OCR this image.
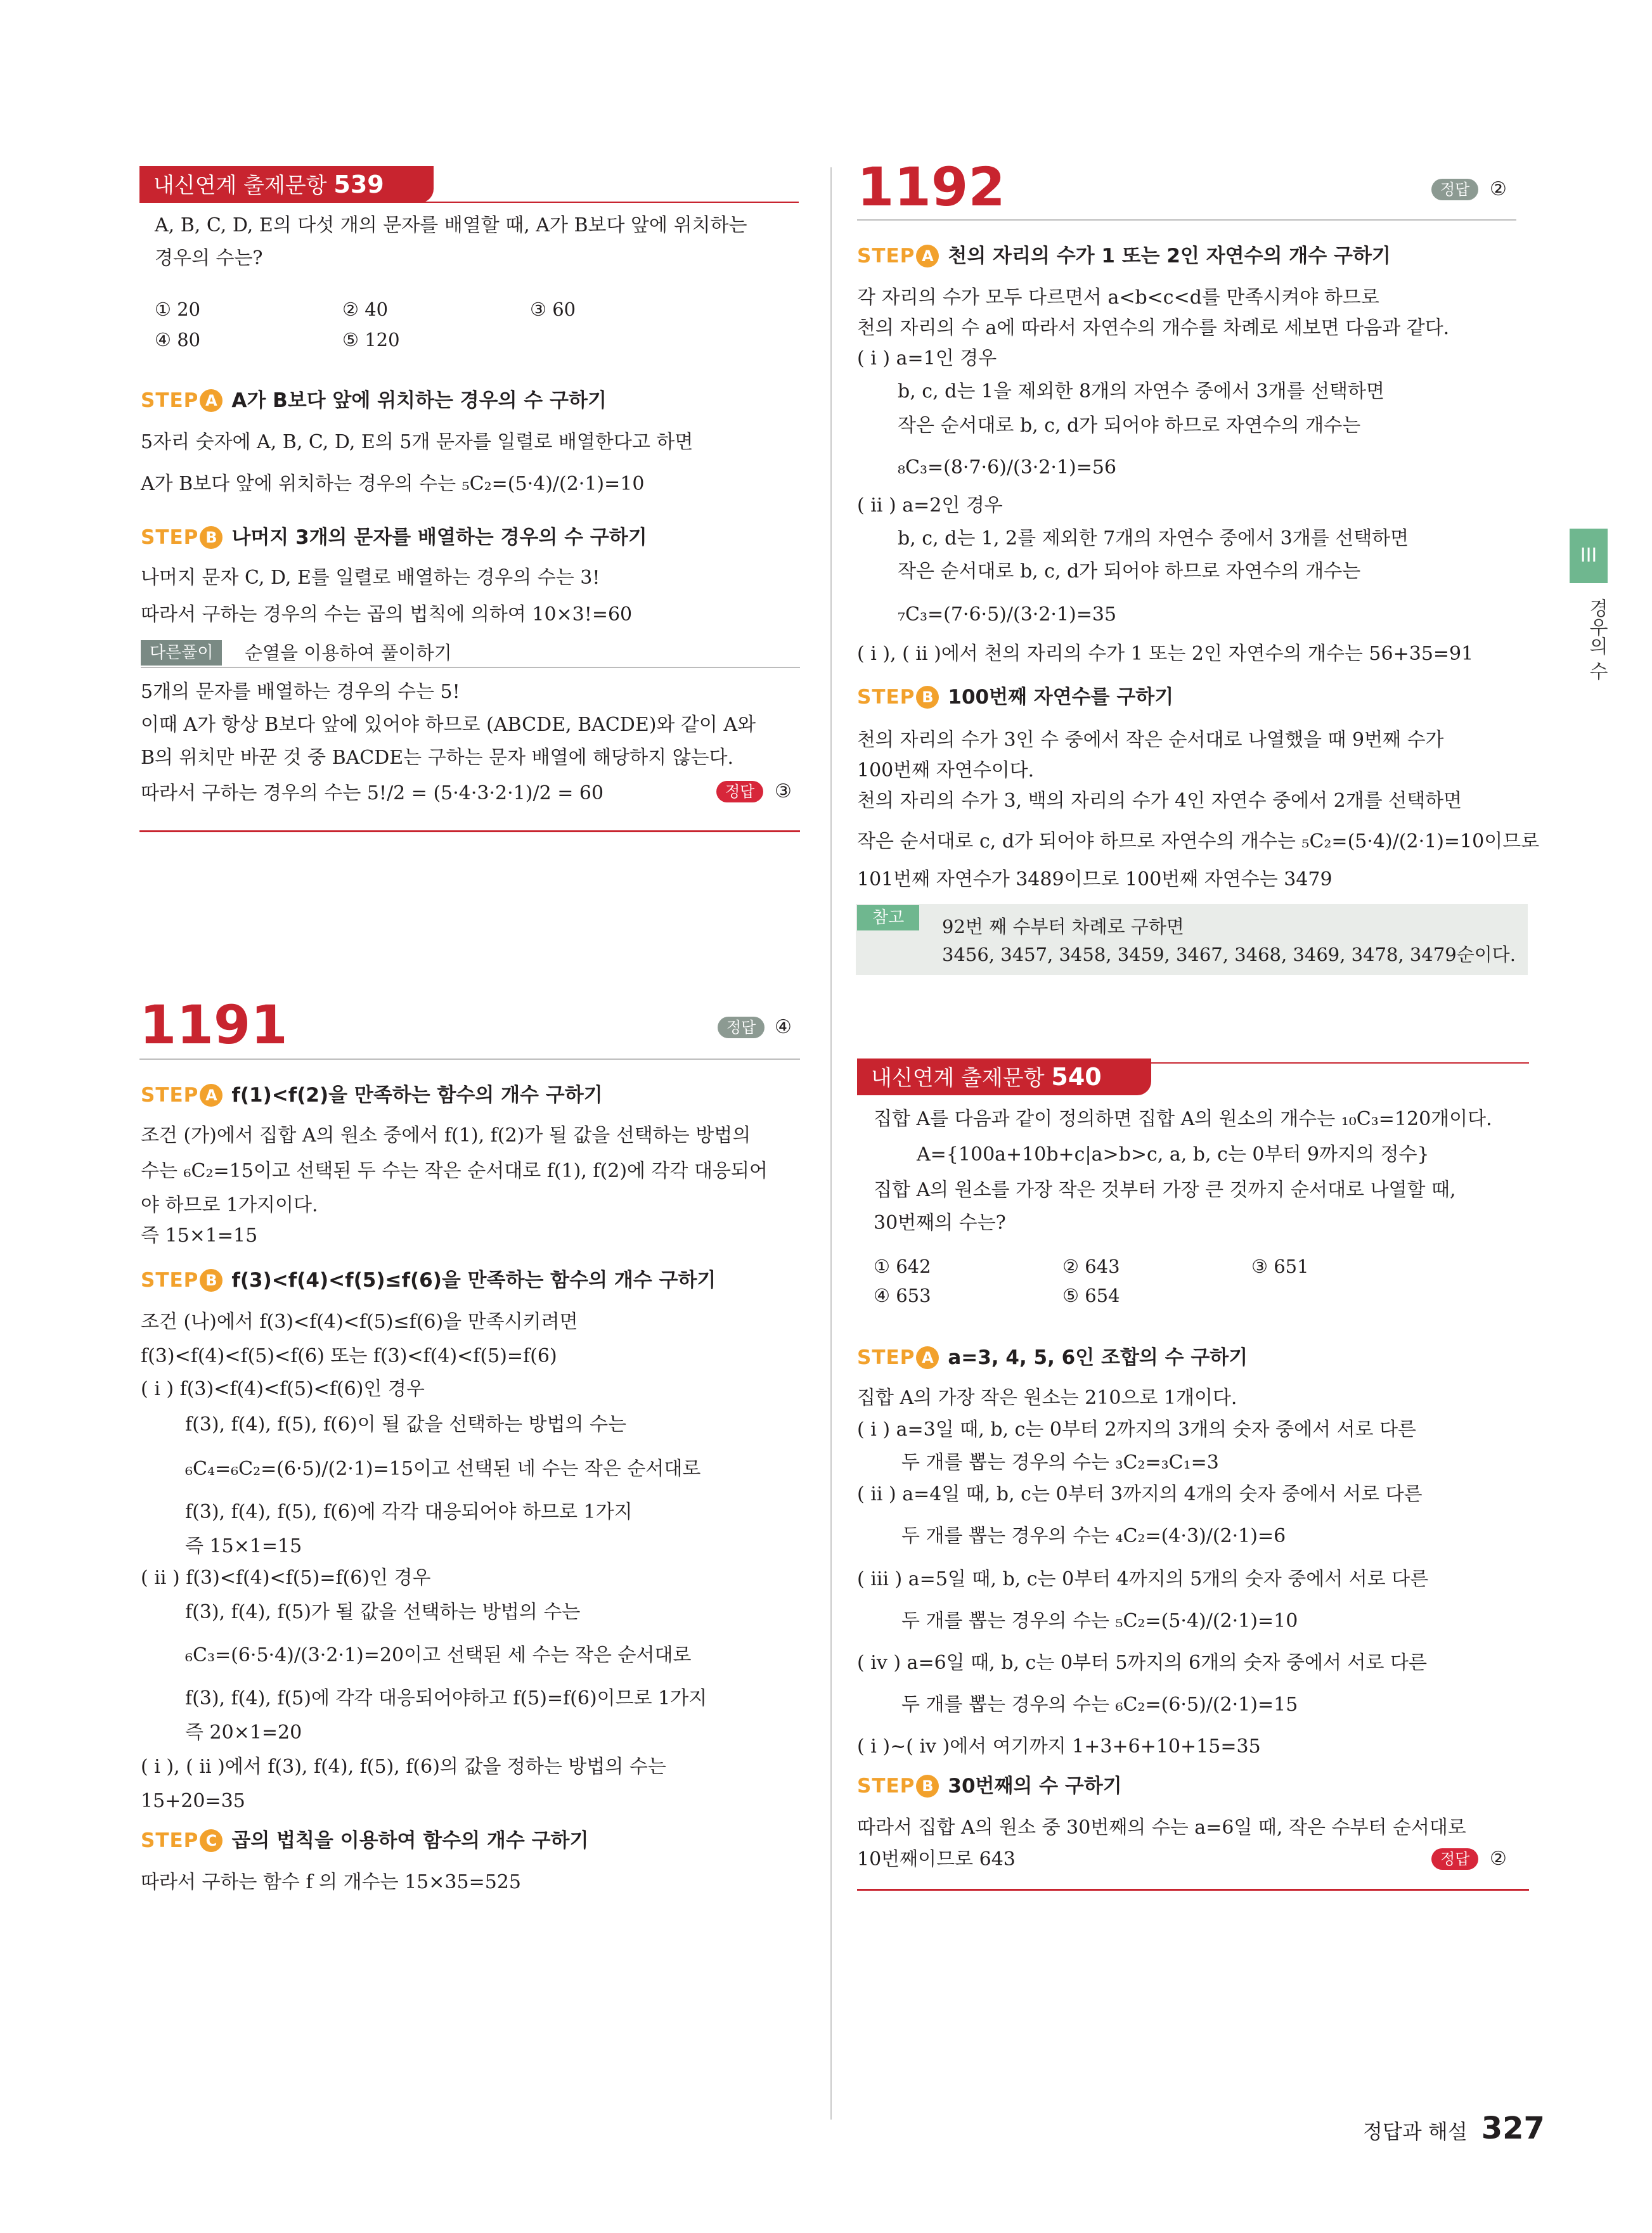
내신연계 출제문항 539
A, B, C, D, E의 다섯 개의 문자를 배열할 때, A가 B보다 앞에 위치하는
경우의 수는?
① 20	② 40	③ 60
④ 80	⑤ 120
STEP A A가 B보다 앞에 위치하는 경우의 수 구하기
5자리 숫자에 A, B, C, D, E의 5개 문자를 일렬로 배열한다고 하면
A가 B보다 앞에 위치하는 경우의 수는 ₅C₂=(5·4)/(2·1)=10
STEP B 나머지 3개의 문자를 배열하는 경우의 수 구하기
나머지 문자 C, D, E를 일렬로 배열하는 경우의 수는 3!
따라서 구하는 경우의 수는 곱의 법칙에 의하여 10×3!=60
다른풀이	순열을 이용하여 풀이하기
5개의 문자를 배열하는 경우의 수는 5!
이때 A가 항상 B보다 앞에 있어야 하므로 (ABCDE, BACDE)와 같이 A와
B의 위치만 바꾼 것 중 BACDE는 구하는 문자 배열에 해당하지 않는다.
따라서 구하는 경우의 수는 5!/2 = (5·4·3·2·1)/2 = 60	정답	③
1191	정답 ④
STEP A f(1)<f(2)을 만족하는 함수의 개수 구하기
조건 (가)에서 집합 A의 원소 중에서 f(1), f(2)가 될 값을 선택하는 방법의
수는 ₆C₂=15이고 선택된 두 수는 작은 순서대로 f(1), f(2)에 각각 대응되어
야 하므로 1가지이다.
즉 15×1=15
STEP B f(3)<f(4)<f(5)≤f(6)을 만족하는 함수의 개수 구하기
조건 (나)에서 f(3)<f(4)<f(5)≤f(6)을 만족시키려면
f(3)<f(4)<f(5)<f(6) 또는 f(3)<f(4)<f(5)=f(6)
( i ) f(3)<f(4)<f(5)<f(6)인 경우
f(3), f(4), f(5), f(6)이 될 값을 선택하는 방법의 수는
₆C₄=₆C₂=(6·5)/(2·1)=15이고 선택된 네 수는 작은 순서대로
f(3), f(4), f(5), f(6)에 각각 대응되어야 하므로 1가지
즉 15×1=15
( ii ) f(3)<f(4)<f(5)=f(6)인 경우
f(3), f(4), f(5)가 될 값을 선택하는 방법의 수는
₆C₃=(6·5·4)/(3·2·1)=20이고 선택된 세 수는 작은 순서대로
f(3), f(4), f(5)에 각각 대응되어야하고 f(5)=f(6)이므로 1가지
즉 20×1=20
( i ), ( ii )에서 f(3), f(4), f(5), f(6)의 값을 정하는 방법의 수는
15+20=35
STEP C 곱의 법칙을 이용하여 함수의 개수 구하기
따라서 구하는 함수 f 의 개수는 15×35=525
1192	정답	②
STEP A 천의 자리의 수가 1 또는 2인 자연수의 개수 구하기
각 자리의 수가 모두 다르면서 a<b<c<d를 만족시켜야 하므로
천의 자리의 수 a에 따라서 자연수의 개수를 차례로 세보면 다음과 같다.
( i ) a=1인 경우
b, c, d는 1을 제외한 8개의 자연수 중에서 3개를 선택하면
작은 순서대로 b, c, d가 되어야 하므로 자연수의 개수는
₈C₃=(8·7·6)/(3·2·1)=56
( ii ) a=2인 경우
b, c, d는 1, 2를 제외한 7개의 자연수 중에서 3개를 선택하면
작은 순서대로 b, c, d가 되어야 하므로 자연수의 개수는
₇C₃=(7·6·5)/(3·2·1)=35
( i ), ( ii )에서 천의 자리의 수가 1 또는 2인 자연수의 개수는 56+35=91
STEP B 100번째 자연수를 구하기
천의 자리의 수가 3인 수 중에서 작은 순서대로 나열했을 때 9번째 수가
100번째 자연수이다.
천의 자리의 수가 3, 백의 자리의 수가 4인 자연수 중에서 2개를 선택하면
작은 순서대로 c, d가 되어야 하므로 자연수의 개수는 ₅C₂=(5·4)/(2·1)=10이므로
101번째 자연수가 3489이므로 100번째 자연수는 3479
참고	92번 째 수부터 차례로 구하면
3456, 3457, 3458, 3459, 3467, 3468, 3469, 3478, 3479순이다.
내신연계 출제문항 540
집합 A를 다음과 같이 정의하면 집합 A의 원소의 개수는 ₁₀C₃=120개이다.
A={100a+10b+c|a>b>c, a, b, c는 0부터 9까지의 정수}
집합 A의 원소를 가장 작은 것부터 가장 큰 것까지 순서대로 나열할 때,
30번째의 수는?
① 642	② 643	③ 651
④ 653	⑤ 654
STEP A a=3, 4, 5, 6인 조합의 수 구하기
집합 A의 가장 작은 원소는 210으로 1개이다.
( i ) a=3일 때, b, c는 0부터 2까지의 3개의 숫자 중에서 서로 다른
두 개를 뽑는 경우의 수는 ₃C₂=₃C₁=3
( ii ) a=4일 때, b, c는 0부터 3까지의 4개의 숫자 중에서 서로 다른
두 개를 뽑는 경우의 수는 ₄C₂=(4·3)/(2·1)=6
( iii ) a=5일 때, b, c는 0부터 4까지의 5개의 숫자 중에서 서로 다른
두 개를 뽑는 경우의 수는 ₅C₂=(5·4)/(2·1)=10
( iv ) a=6일 때, b, c는 0부터 5까지의 6개의 숫자 중에서 서로 다른
두 개를 뽑는 경우의 수는 ₆C₂=(6·5)/(2·1)=15
( i )~( iv )에서 여기까지 1+3+6+10+15=35
STEP B 30번째의 수 구하기
따라서 집합 A의 원소 중 30번째의 수는 a=6일 때, 작은 수부터 순서대로
10번째이므로 643	정답	②
정답과 해설 327
III
경우의 수
